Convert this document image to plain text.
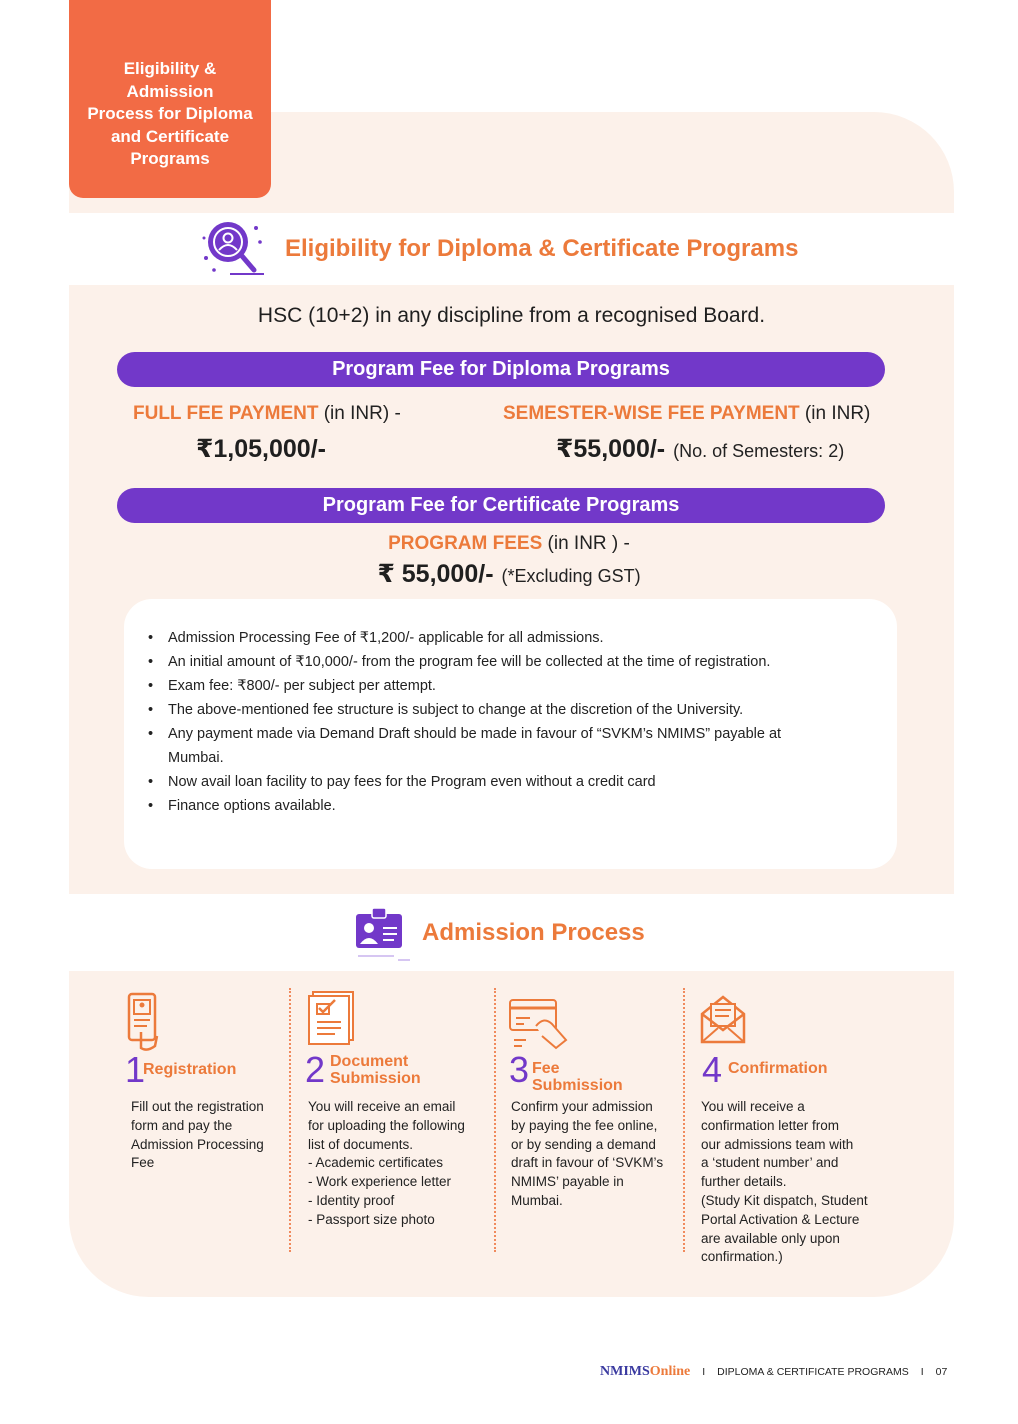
Eligibility &
Admission
Process for Diploma
and Certificate
Programs
Eligibility for Diploma & Certificate Programs
HSC (10+2) in any discipline from a recognised Board.
Program Fee for Diploma Programs
FULL FEE PAYMENT (in INR) -
₹1,05,000/-
SEMESTER-WISE FEE PAYMENT (in INR)
₹55,000/- (No. of Semesters: 2)
Program Fee for Certificate Programs
PROGRAM FEES (in INR ) -
₹ 55,000/- (*Excluding GST)
• Admission Processing Fee of ₹1,200/- applicable for all admissions.
• An initial amount of ₹10,000/- from the program fee will be collected at the time of registration.
• Exam fee: ₹800/- per subject per attempt.
• The above-mentioned fee structure is subject to change at the discretion of the University.
• Any payment made via Demand Draft should be made in favour of “SVKM’s NMIMS” payable at Mumbai.
• Now avail loan facility to pay fees for the Program even without a credit card
• Finance options available.
Admission Process
1
Registration
Fill out the registration
form and pay the
Admission Processing
Fee
2 Document
Submission
You will receive an email
for uploading the following
list of documents.
- Academic certificates
- Work experience letter
- Identity proof
- Passport size photo
3 Fee Submission
Confirm your admission
by paying the fee online,
or by sending a demand
draft in favour of ‘SVKM’s
NMIMS’ payable in
Mumbai.
4 Confirmation
You will receive a
confirmation letter from
our admissions team with
a ‘student number’ and
further details.
(Study Kit dispatch, Student
Portal Activation & Lecture
are available only upon
confirmation.)
NMIMSOnline I DIPLOMA & CERTIFICATE PROGRAMS I 07
